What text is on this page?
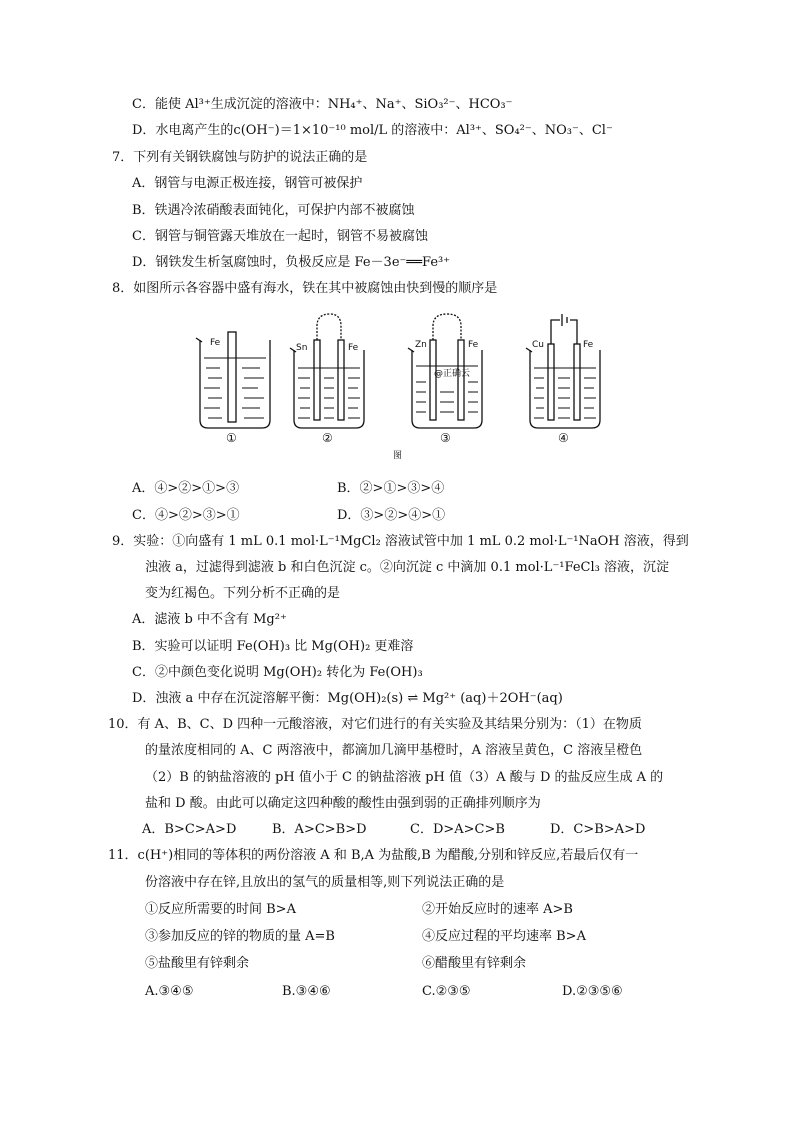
C．能使 Al³⁺生成沉淀的溶液中：NH₄⁺、Na⁺、SiO₃²⁻、HCO₃⁻
D．水电离产生的c(OH⁻)＝1×10⁻¹⁰ mol/L 的溶液中：Al³⁺、SO₄²⁻、NO₃⁻、Cl⁻
7．下列有关钢铁腐蚀与防护的说法正确的是
A．钢管与电源正极连接，钢管可被保护
B．铁遇冷浓硝酸表面钝化，可保护内部不被腐蚀
C．钢管与铜管露天堆放在一起时，钢管不易被腐蚀
D．钢铁发生析氢腐蚀时，负极反应是 Fe－3e⁻══Fe³⁺
8．如图所示各容器中盛有海水，铁在其中被腐蚀由快到慢的顺序是
Fe	Sn	Fe	Zn	Fe	Cu	Fe
@正确云
①	②	③	④
图
A．④>②>①>③	B．②>①>③>④
C．④>②>③>①	D．③>②>④>①
9．实验：①向盛有 1 mL 0.1 mol·L⁻¹MgCl₂ 溶液试管中加 1 mL 0.2 mol·L⁻¹NaOH 溶液，得到
浊液 a，过滤得到滤液 b 和白色沉淀 c。②向沉淀 c 中滴加 0.1 mol·L⁻¹FeCl₃ 溶液，沉淀
变为红褐色。下列分析不正确的是
A．滤液 b 中不含有 Mg²⁺
B．实验可以证明 Fe(OH)₃ 比 Mg(OH)₂ 更难溶
C．②中颜色变化说明 Mg(OH)₂ 转化为 Fe(OH)₃
D．浊液 a 中存在沉淀溶解平衡：Mg(OH)₂(s) ⇌ Mg²⁺ (aq)＋2OH⁻(aq)
10．有 A、B、C、D 四种一元酸溶液，对它们进行的有关实验及其结果分别为：（1）在物质
的量浓度相同的 A、C 两溶液中，都滴加几滴甲基橙时，A 溶液呈黄色，C 溶液呈橙色
（2）B 的钠盐溶液的 pH 值小于 C 的钠盐溶液 pH 值（3）A 酸与 D 的盐反应生成 A 的
盐和 D 酸。由此可以确定这四种酸的酸性由强到弱的正确排列顺序为
A．B>C>A>D	B．A>C>B>D	C．D>A>C>B	D．C>B>A>D
11．c(H⁺)相同的等体积的两份溶液 A 和 B,A 为盐酸,B 为醋酸,分别和锌反应,若最后仅有一
份溶液中存在锌,且放出的氢气的质量相等,则下列说法正确的是
①反应所需要的时间 B>A	②开始反应时的速率 A>B
③参加反应的锌的物质的量 A=B	④反应过程的平均速率 B>A
⑤盐酸里有锌剩余	⑥醋酸里有锌剩余
A.③④⑤	B.③④⑥	C.②③⑤	D.②③⑤⑥
